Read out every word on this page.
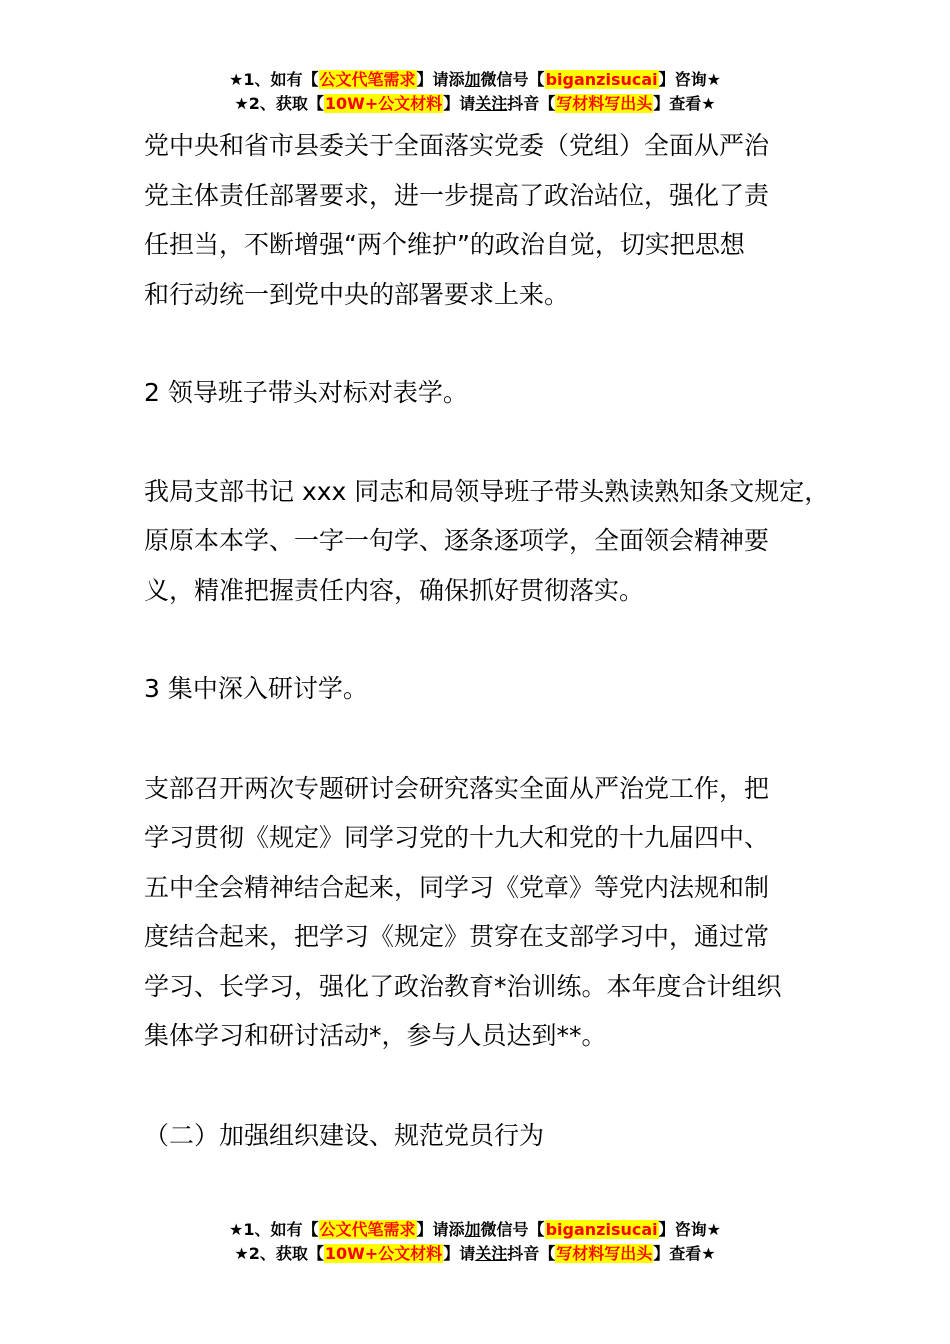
★1、如有【公文代笔需求】请添加微信号【biganzisucai】咨询★
★2、获取【10W+公文材料】请关注抖音【写材料写出头】查看★

党中央和省市县委关于全面落实党委（党组）全面从严治
党主体责任部署要求，进一步提高了政治站位，强化了责
任担当，不断增强“两个维护”的政治自觉，切实把思想
和行动统一到党中央的部署要求上来。

2 领导班子带头对标对表学。

我局支部书记 xxx 同志和局领导班子带头熟读熟知条文规定，
原原本本学、一字一句学、逐条逐项学，全面领会精神要
义，精准把握责任内容，确保抓好贯彻落实。

3 集中深入研讨学。

支部召开两次专题研讨会研究落实全面从严治党工作，把
学习贯彻《规定》同学习党的十九大和党的十九届四中、
五中全会精神结合起来，同学习《党章》等党内法规和制
度结合起来，把学习《规定》贯穿在支部学习中，通过常
学习、长学习，强化了政治教育*治训练。本年度合计组织
集体学习和研讨活动*，参与人员达到**。

（二）加强组织建设、规范党员行为

★1、如有【公文代笔需求】请添加微信号【biganzisucai】咨询★
★2、获取【10W+公文材料】请关注抖音【写材料写出头】查看★
